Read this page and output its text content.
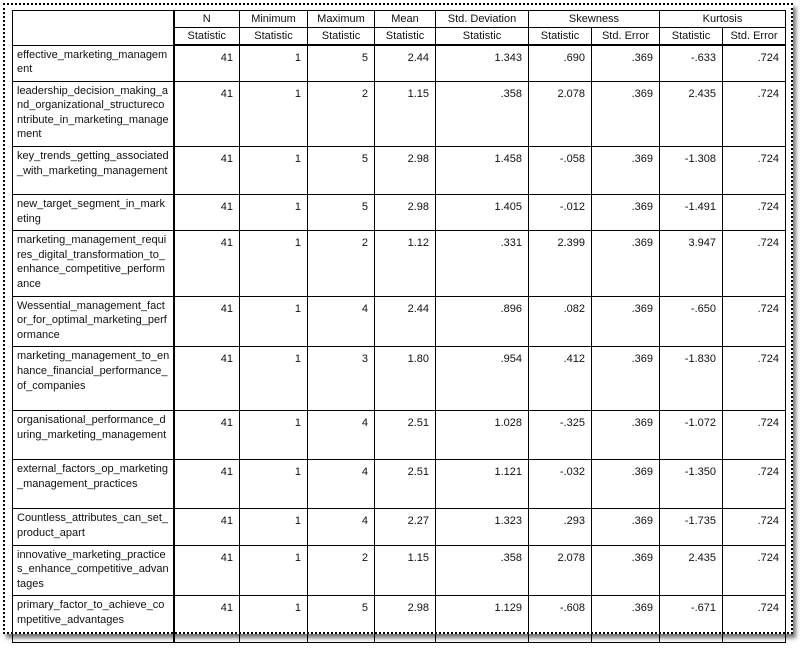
	N	Minimum	Maximum	Mean	Std. Deviation	Skewness		Kurtosis	
	Statistic	Statistic	Statistic	Statistic	Statistic	Statistic	Std. Error	Statistic	Std. Error
effective_marketing_management	41	1	5	2.44	1.343	.690	.369	-.633	.724
leadership_decision_making_and_organizational_structurecontribute_in_marketing_management	41	1	2	1.15	.358	2.078	.369	2.435	.724
key_trends_getting_associated_with_marketing_management	41	1	5	2.98	1.458	-.058	.369	-1.308	.724
new_target_segment_in_marketing	41	1	5	2.98	1.405	-.012	.369	-1.491	.724
marketing_management_requires_digital_transformation_to_enhance_competitive_performance	41	1	2	1.12	.331	2.399	.369	3.947	.724
Wessential_management_factor_for_optimal_marketing_performance	41	1	4	2.44	.896	.082	.369	-.650	.724
marketing_management_to_enhance_financial_performance_of_companies	41	1	3	1.80	.954	.412	.369	-1.830	.724
organisational_performance_during_marketing_management	41	1	4	2.51	1.028	-.325	.369	-1.072	.724
external_factors_op_marketing_management_practices	41	1	4	2.51	1.121	-.032	.369	-1.350	.724
Countless_attributes_can_set_product_apart	41	1	4	2.27	1.323	.293	.369	-1.735	.724
innovative_marketing_practices_enhance_competitive_advantages	41	1	2	1.15	.358	2.078	.369	2.435	.724
primary_factor_to_achieve_competitive_advantages	41	1	5	2.98	1.129	-.608	.369	-.671	.724
